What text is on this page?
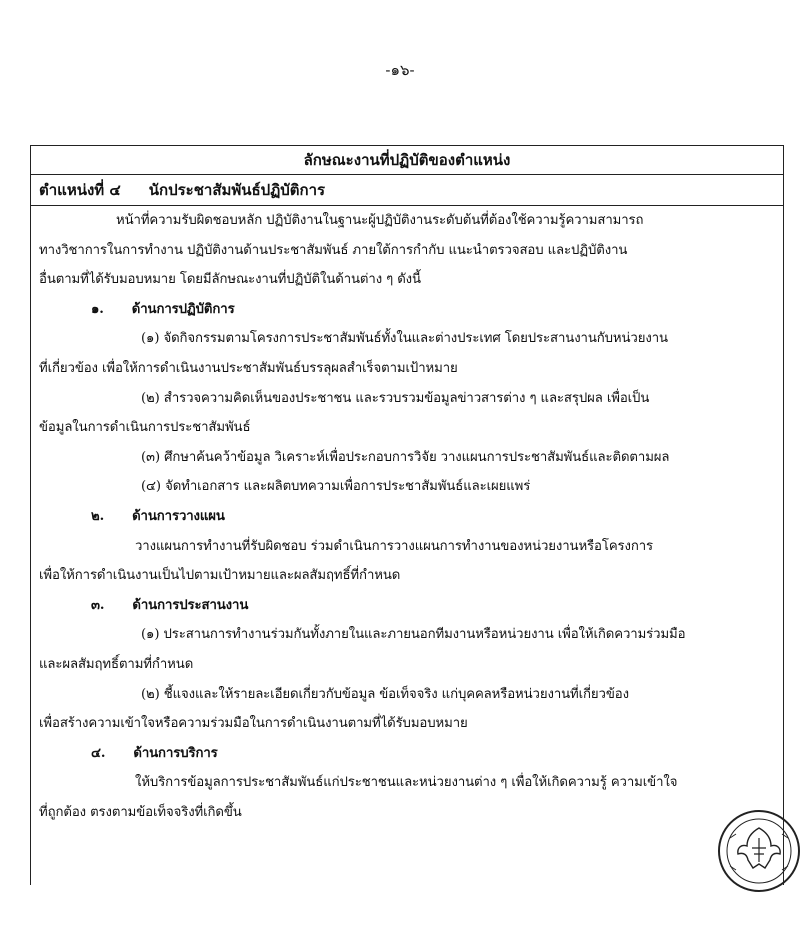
-๑๖-
ลักษณะงานที่ปฏิบัติของตำแหน่ง
ตำแหน่งที่ ๔ นักประชาสัมพันธ์ปฏิบัติการ
หน้าที่ความรับผิดชอบหลัก ปฏิบัติงานในฐานะผู้ปฏิบัติงานระดับต้นที่ต้องใช้ความรู้ความสามารถ
ทางวิชาการในการทำงาน ปฏิบัติงานด้านประชาสัมพันธ์ ภายใต้การกำกับ แนะนำตรวจสอบ และปฏิบัติงาน
อื่นตามที่ได้รับมอบหมาย โดยมีลักษณะงานที่ปฏิบัติในด้านต่าง ๆ ดังนี้
๑. ด้านการปฏิบัติการ
(๑) จัดกิจกรรมตามโครงการประชาสัมพันธ์ทั้งในและต่างประเทศ โดยประสานงานกับหน่วยงาน
ที่เกี่ยวข้อง เพื่อให้การดำเนินงานประชาสัมพันธ์บรรลุผลสำเร็จตามเป้าหมาย
(๒) สำรวจความคิดเห็นของประชาชน และรวบรวมข้อมูลข่าวสารต่าง ๆ และสรุปผล เพื่อเป็น
ข้อมูลในการดำเนินการประชาสัมพันธ์
(๓) ศึกษาค้นคว้าข้อมูล วิเคราะห์เพื่อประกอบการวิจัย วางแผนการประชาสัมพันธ์และติดตามผล
(๔) จัดทำเอกสาร และผลิตบทความเพื่อการประชาสัมพันธ์และเผยแพร่
๒. ด้านการวางแผน
วางแผนการทำงานที่รับผิดชอบ ร่วมดำเนินการวางแผนการทำงานของหน่วยงานหรือโครงการ
เพื่อให้การดำเนินงานเป็นไปตามเป้าหมายและผลสัมฤทธิ์ที่กำหนด
๓. ด้านการประสานงาน
(๑) ประสานการทำงานร่วมกันทั้งภายในและภายนอกทีมงานหรือหน่วยงาน เพื่อให้เกิดความร่วมมือ
และผลสัมฤทธิ์ตามที่กำหนด
(๒) ชี้แจงและให้รายละเอียดเกี่ยวกับข้อมูล ข้อเท็จจริง แก่บุคคลหรือหน่วยงานที่เกี่ยวข้อง
เพื่อสร้างความเข้าใจหรือความร่วมมือในการดำเนินงานตามที่ได้รับมอบหมาย
๔. ด้านการบริการ
ให้บริการข้อมูลการประชาสัมพันธ์แก่ประชาชนและหน่วยงานต่าง ๆ เพื่อให้เกิดความรู้ ความเข้าใจ
ที่ถูกต้อง ตรงตามข้อเท็จจริงที่เกิดขึ้น
